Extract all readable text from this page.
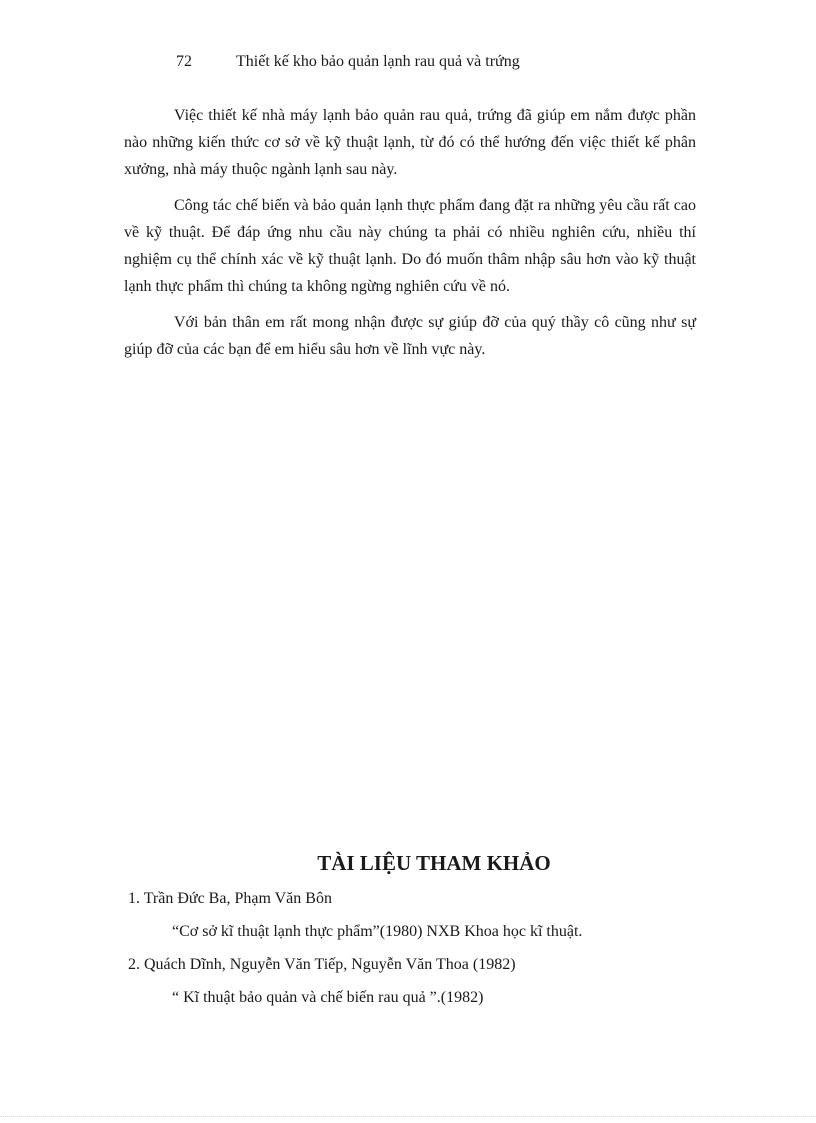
72	Thiết kế kho bảo quản lạnh rau quả và trứng

Việc thiết kế nhà máy lạnh bảo quản rau quả, trứng đã giúp em nắm được phần nào những kiến thức cơ sở về kỹ thuật lạnh, từ đó có thể hướng đến việc thiết kế phân xưởng, nhà máy thuộc ngành lạnh sau này.

Công tác chế biến và bảo quản lạnh thực phẩm đang đặt ra những yêu cầu rất cao về kỹ thuật. Để đáp ứng nhu cầu này chúng ta phải có nhiều nghiên cứu, nhiều thí nghiệm cụ thể chính xác về kỹ thuật lạnh. Do đó muốn thâm nhập sâu hơn vào kỹ thuật lạnh thực phẩm thì chúng ta không ngừng nghiên cứu về nó.

Với bản thân em rất mong nhận được sự giúp đỡ của quý thầy cô cũng như sự giúp đỡ của các bạn để em hiểu sâu hơn về lĩnh vực này.

TÀI LIỆU THAM KHẢO
1. Trần Đức Ba, Phạm Văn Bôn
“Cơ sở kĩ thuật lạnh thực phẩm”(1980) NXB Khoa học kĩ thuật.
2. Quách Dĩnh, Nguyễn Văn Tiếp, Nguyễn Văn Thoa (1982)
“ Kĩ thuật bảo quản và chế biến rau quả ”.(1982)
